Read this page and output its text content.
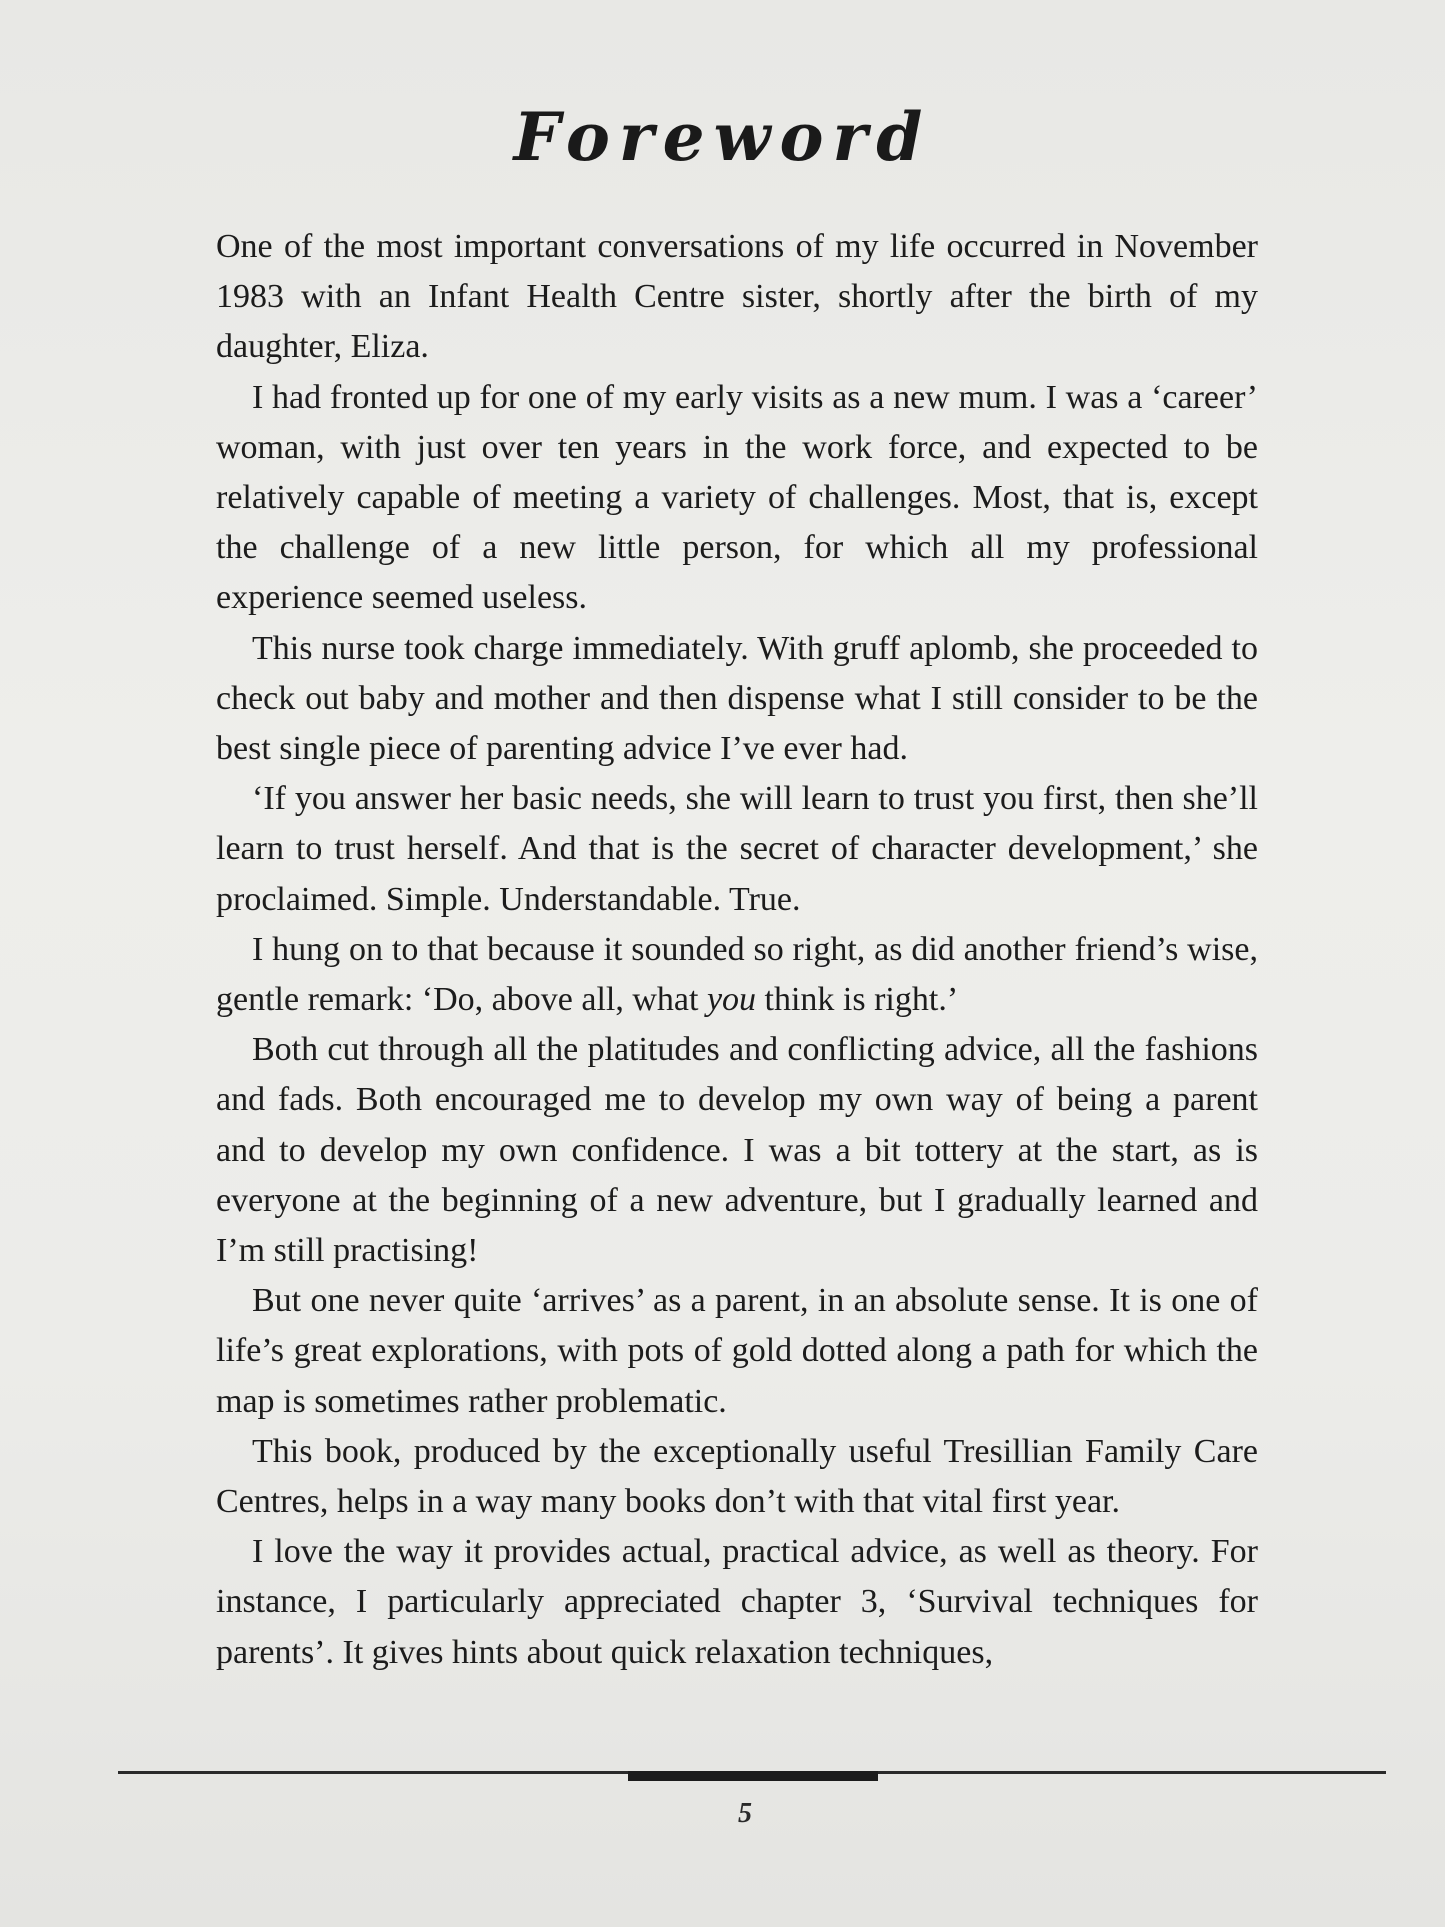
Foreword

One of the most important conversations of my life occurred in November 1983 with an Infant Health Centre sister, shortly after the birth of my daughter, Eliza.

I had fronted up for one of my early visits as a new mum. I was a ‘career’ woman, with just over ten years in the work force, and expected to be relatively capable of meeting a variety of challenges. Most, that is, except the challenge of a new little person, for which all my professional experience seemed useless.

This nurse took charge immediately. With gruff aplomb, she proceeded to check out baby and mother and then dispense what I still consider to be the best single piece of parenting advice I’ve ever had.

‘If you answer her basic needs, she will learn to trust you first, then she’ll learn to trust herself. And that is the secret of character development,’ she proclaimed. Simple. Understandable. True.

I hung on to that because it sounded so right, as did another friend’s wise, gentle remark: ‘Do, above all, what you think is right.’

Both cut through all the platitudes and conflicting advice, all the fashions and fads. Both encouraged me to develop my own way of being a parent and to develop my own confidence. I was a bit tottery at the start, as is everyone at the beginning of a new adventure, but I gradually learned and I’m still practising!

But one never quite ‘arrives’ as a parent, in an absolute sense. It is one of life’s great explorations, with pots of gold dotted along a path for which the map is sometimes rather problematic.

This book, produced by the exceptionally useful Tresillian Family Care Centres, helps in a way many books don’t with that vital first year.

I love the way it provides actual, practical advice, as well as theory. For instance, I particularly appreciated chapter 3, ‘Survival techniques for parents’. It gives hints about quick relaxation techniques,

5
